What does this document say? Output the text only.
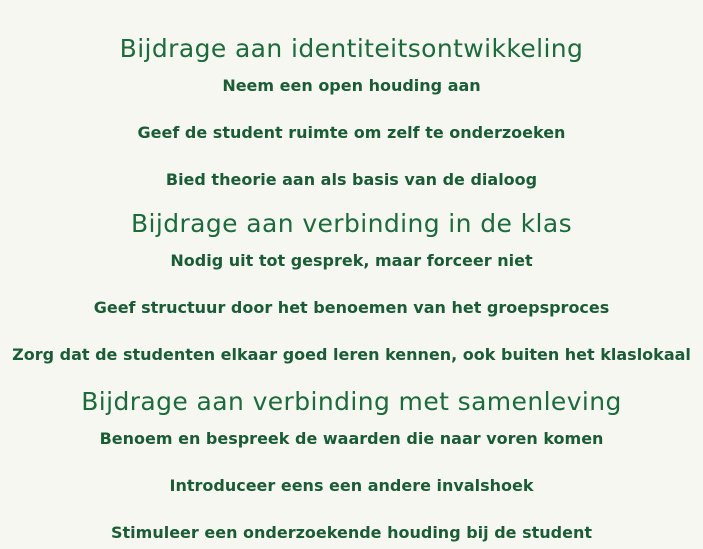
Bijdrage aan identiteitsontwikkeling
Neem een open houding aan
Geef de student ruimte om zelf te onderzoeken
Bied theorie aan als basis van de dialoog
Bijdrage aan verbinding in de klas
Nodig uit tot gesprek, maar forceer niet
Geef structuur door het benoemen van het groepsproces
Zorg dat de studenten elkaar goed leren kennen, ook buiten het klaslokaal
Bijdrage aan verbinding met samenleving
Benoem en bespreek de waarden die naar voren komen
Introduceer eens een andere invalshoek
Stimuleer een onderzoekende houding bij de student
